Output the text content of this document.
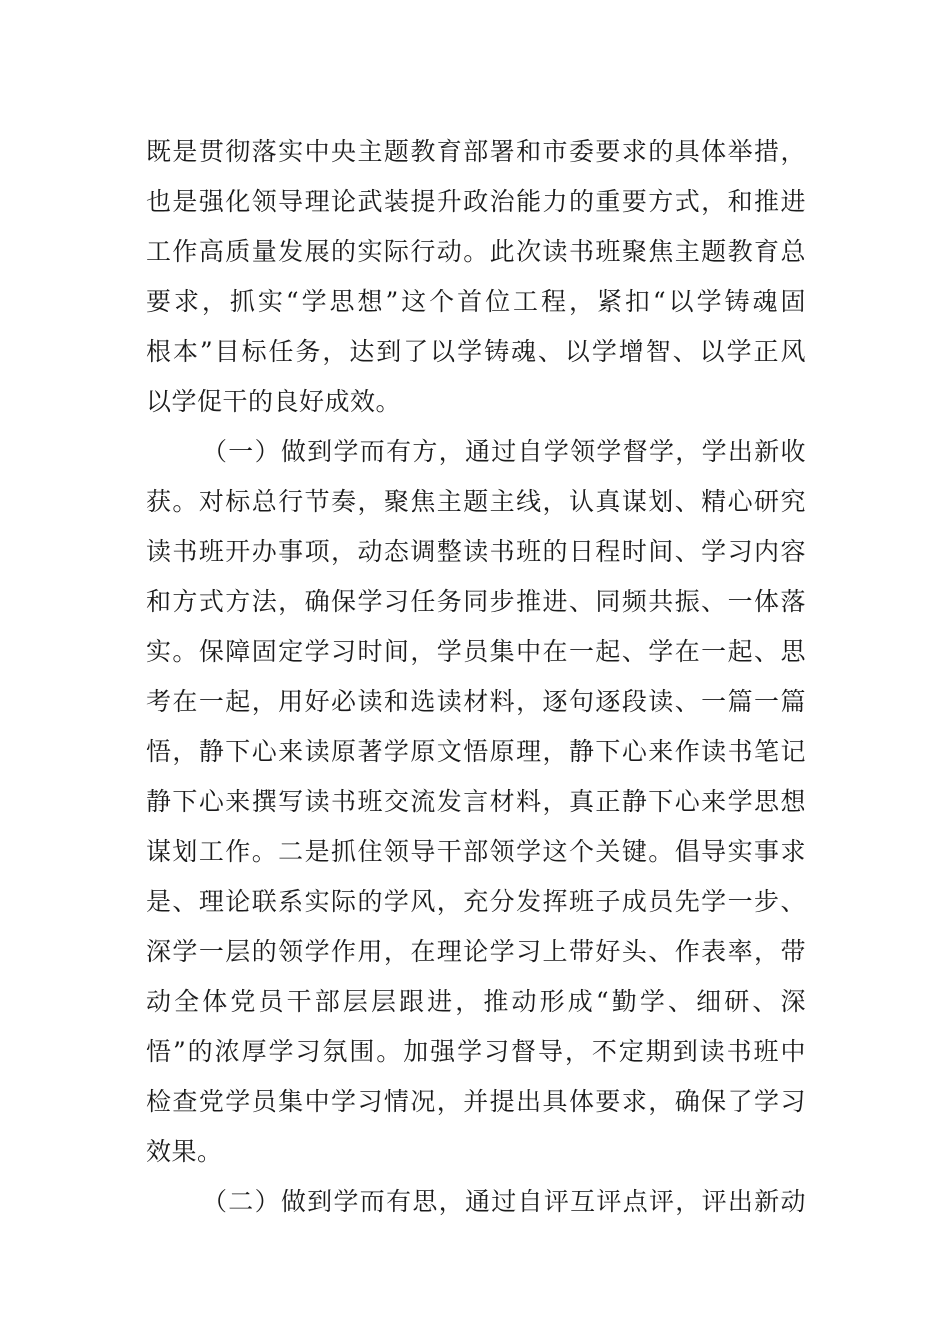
既是贯彻落实中央主题教育部署和市委要求的具体举措，
也是强化领导理论武装提升政治能力的重要方式，和推进
工作高质量发展的实际行动。此次读书班聚焦主题教育总
要求，抓实“学思想”这个首位工程，紧扣“以学铸魂固
根本”目标任务，达到了以学铸魂、以学增智、以学正风
以学促干的良好成效。
（一）做到学而有方，通过自学领学督学，学出新收
获。对标总行节奏，聚焦主题主线，认真谋划、精心研究
读书班开办事项，动态调整读书班的日程时间、学习内容
和方式方法，确保学习任务同步推进、同频共振、一体落
实。保障固定学习时间，学员集中在一起、学在一起、思
考在一起，用好必读和选读材料，逐句逐段读、一篇一篇
悟，静下心来读原著学原文悟原理，静下心来作读书笔记
静下心来撰写读书班交流发言材料，真正静下心来学思想
谋划工作。二是抓住领导干部领学这个关键。倡导实事求
是、理论联系实际的学风，充分发挥班子成员先学一步、
深学一层的领学作用，在理论学习上带好头、作表率，带
动全体党员干部层层跟进，推动形成“勤学、细研、深
悟”的浓厚学习氛围。加强学习督导，不定期到读书班中
检查党学员集中学习情况，并提出具体要求，确保了学习
效果。
（二）做到学而有思，通过自评互评点评，评出新动
